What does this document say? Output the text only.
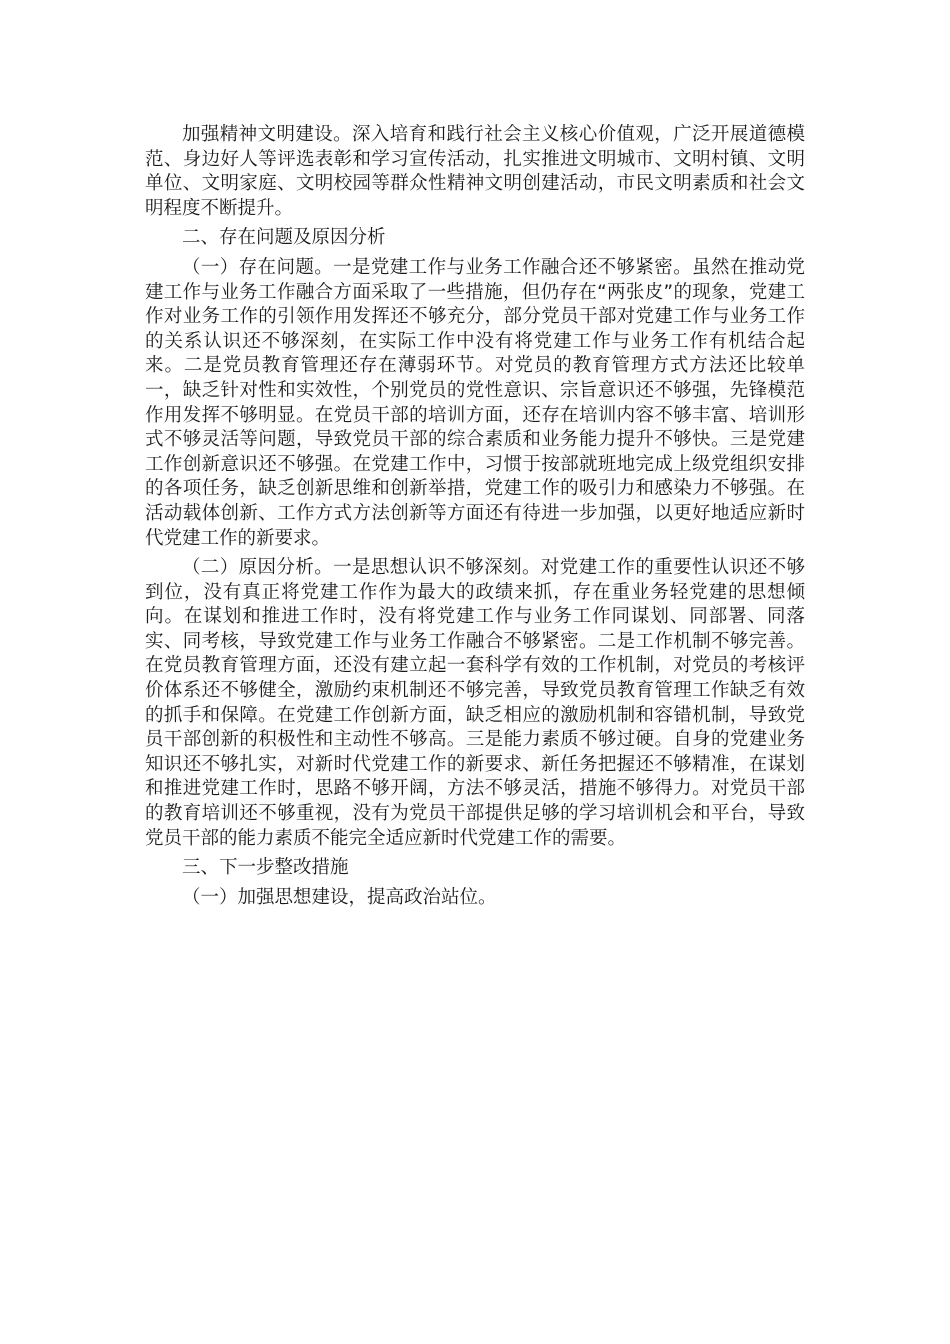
加强精神文明建设。深入培育和践行社会主义核心价值观，广泛开展道德模范、身边好人等评选表彰和学习宣传活动，扎实推进文明城市、文明村镇、文明单位、文明家庭、文明校园等群众性精神文明创建活动，市民文明素质和社会文明程度不断提升。

二、存在问题及原因分析

（一）存在问题。一是党建工作与业务工作融合还不够紧密。虽然在推动党建工作与业务工作融合方面采取了一些措施，但仍存在“两张皮”的现象，党建工作对业务工作的引领作用发挥还不够充分，部分党员干部对党建工作与业务工作的关系认识还不够深刻，在实际工作中没有将党建工作与业务工作有机结合起来。二是党员教育管理还存在薄弱环节。对党员的教育管理方式方法还比较单一，缺乏针对性和实效性，个别党员的党性意识、宗旨意识还不够强，先锋模范作用发挥不够明显。在党员干部的培训方面，还存在培训内容不够丰富、培训形式不够灵活等问题，导致党员干部的综合素质和业务能力提升不够快。三是党建工作创新意识还不够强。在党建工作中，习惯于按部就班地完成上级党组织安排的各项任务，缺乏创新思维和创新举措，党建工作的吸引力和感染力不够强。在活动载体创新、工作方式方法创新等方面还有待进一步加强，以更好地适应新时代党建工作的新要求。

（二）原因分析。一是思想认识不够深刻。对党建工作的重要性认识还不够到位，没有真正将党建工作作为最大的政绩来抓，存在重业务轻党建的思想倾向。在谋划和推进工作时，没有将党建工作与业务工作同谋划、同部署、同落实、同考核，导致党建工作与业务工作融合不够紧密。二是工作机制不够完善。在党员教育管理方面，还没有建立起一套科学有效的工作机制，对党员的考核评价体系还不够健全，激励约束机制还不够完善，导致党员教育管理工作缺乏有效的抓手和保障。在党建工作创新方面，缺乏相应的激励机制和容错机制，导致党员干部创新的积极性和主动性不够高。三是能力素质不够过硬。自身的党建业务知识还不够扎实，对新时代党建工作的新要求、新任务把握还不够精准，在谋划和推进党建工作时，思路不够开阔，方法不够灵活，措施不够得力。对党员干部的教育培训还不够重视，没有为党员干部提供足够的学习培训机会和平台，导致党员干部的能力素质不能完全适应新时代党建工作的需要。

三、下一步整改措施

（一）加强思想建设，提高政治站位。
